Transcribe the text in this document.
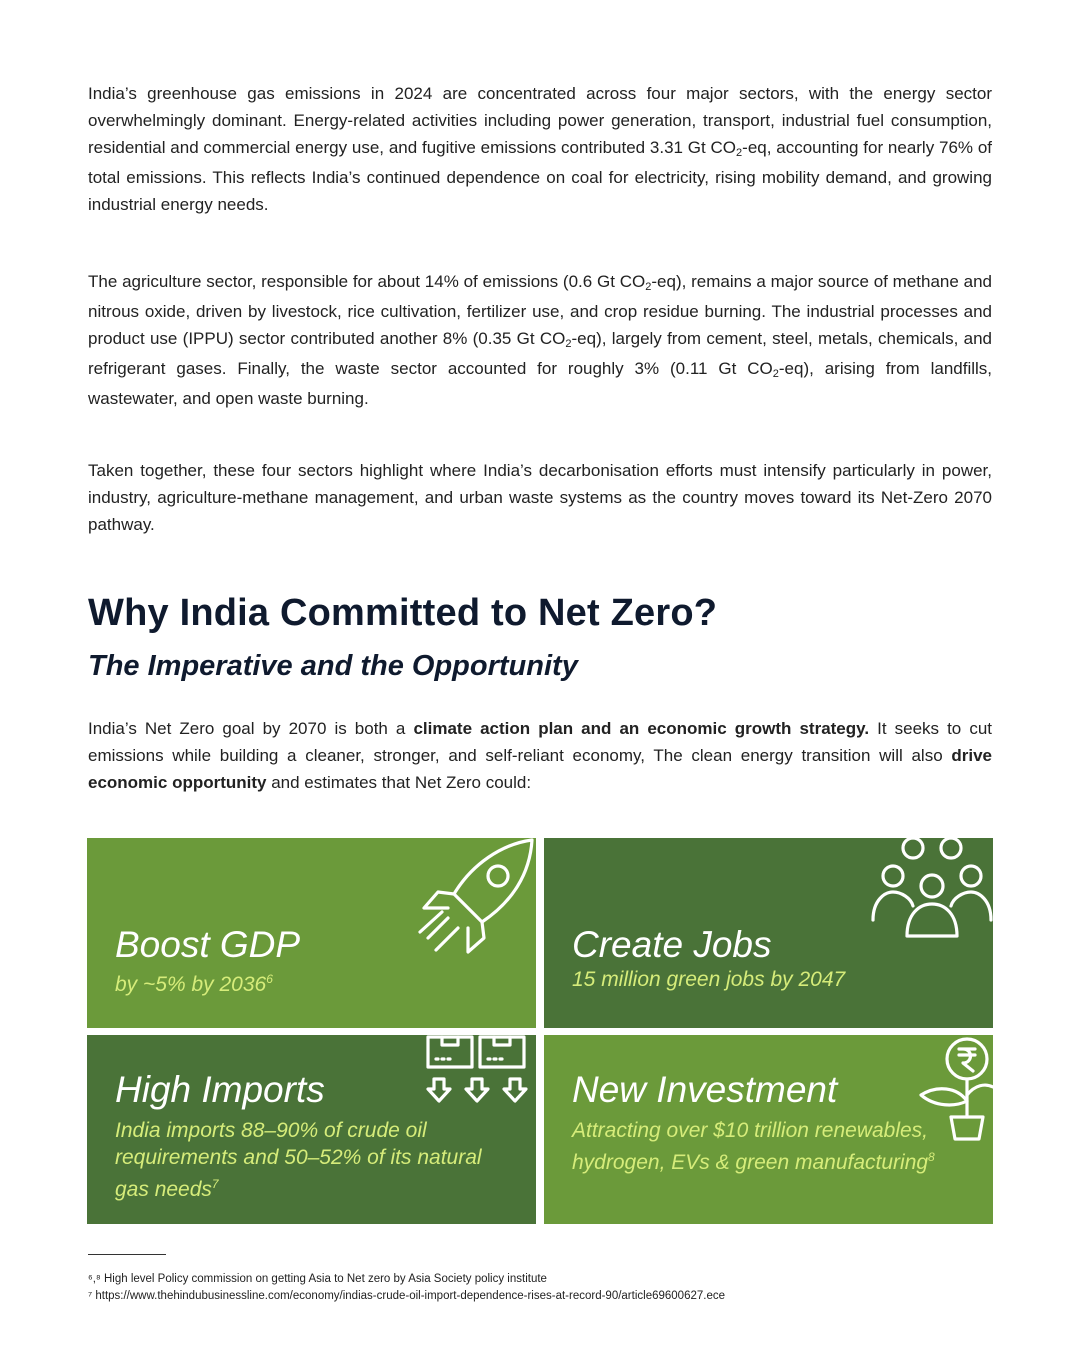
India’s greenhouse gas emissions in 2024 are concentrated across four major sectors, with the energy sector overwhelmingly dominant. Energy-related activities including power generation, transport, industrial fuel consumption, residential and commercial energy use, and fugitive emissions contributed 3.31 Gt $CO_2-eq$, accounting for nearly 76% of total emissions. This reflects India’s continued dependence on coal for electricity, rising mobility demand, and growing industrial energy needs.

The agriculture sector, responsible for about 14% of emissions (0.6 Gt $CO_2-eq$), remains a major source of methane and nitrous oxide, driven by livestock, rice cultivation, fertilizer use, and crop residue burning. The industrial processes and product use (IPPU) sector contributed another 8% (0.35 Gt $CO_2-eq$), largely from cement, steel, metals, chemicals, and refrigerant gases. Finally, the waste sector accounted for roughly 3% (0.11 Gt $CO_2-eq$), arising from landfills, wastewater, and open waste burning.

Taken together, these four sectors highlight where India’s decarbonisation efforts must intensify particularly in power, industry, agriculture-methane management, and urban waste systems as the country moves toward its Net-Zero 2070 pathway.

Why India Committed to Net Zero?
The Imperative and the Opportunity

India’s Net Zero goal by 2070 is both a climate action plan and an economic growth strategy. It seeks to cut emissions while building a cleaner, stronger, and self-reliant economy, The clean energy transition will also drive economic opportunity and estimates that Net Zero could:

Boost GDP

by ~5% by 2036$^6$

Create Jobs

15 million green jobs by 2047

High Imports

India imports 88–90% of crude oil requirements and 50–52% of its natural gas needs$^7$

New Investment

Attracting over $10 trillion renewables, hydrogen, EVs & green manufacturing$^8$

⁶,⁸ High level Policy commission on getting Asia to Net zero by Asia Society policy institute

⁷ https://www.thehindubusinessline.com/economy/indias-crude-oil-import-dependence-rises-at-record-90/article69600627.ece
